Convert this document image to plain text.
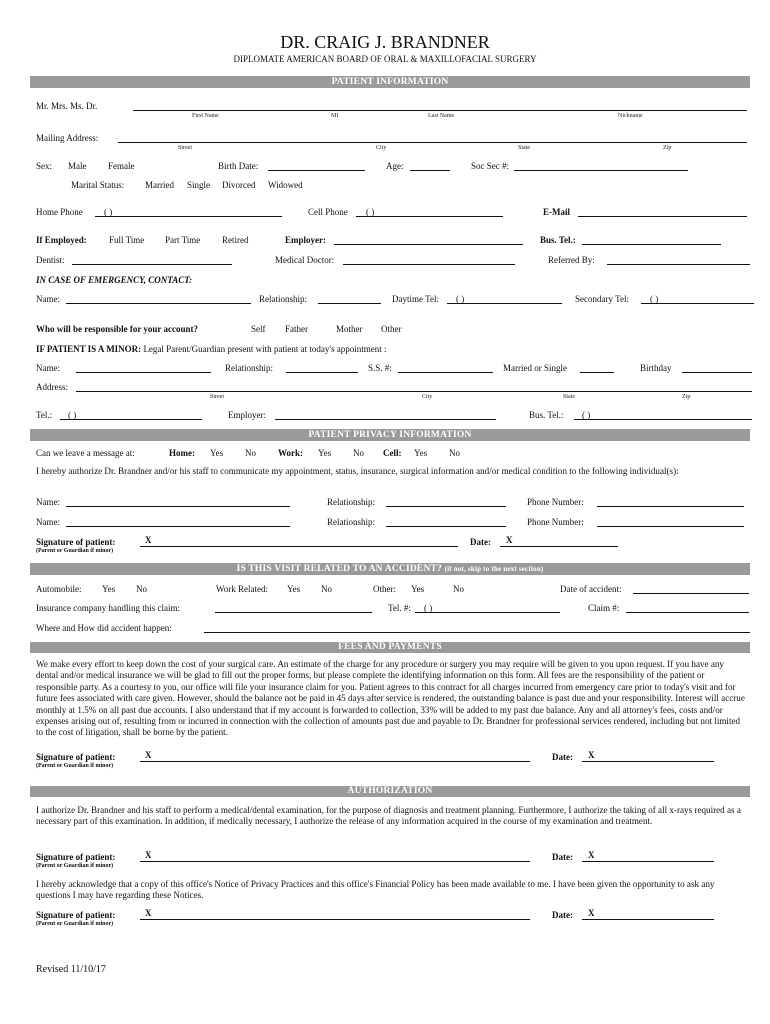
DR. CRAIG J. BRANDNER
DIPLOMATE AMERICAN BOARD OF ORAL & MAXILLOFACIAL SURGERY
PATIENT INFORMATION
Mr. Mrs. Ms. Dr.
First Name	MI	Last Name	Nickname
Mailing Address:
Street	City	State	Zip
Sex: Male Female	Birth Date:	Age:	Soc Sec #:
Marital Status: Married Single Divorced Widowed
Home Phone ( )	Cell Phone ( )	E-Mail
If Employed: Full Time Part Time Retired	Employer:	Bus. Tel.:
Dentist:	Medical Doctor:	Referred By:
IN CASE OF EMERGENCY, CONTACT:
Name:	Relationship:	Daytime Tel: ( )	Secondary Tel: ( )
Who will be responsible for your account?	Self Father	Mother Other
IF PATIENT IS A MINOR: Legal Parent/Guardian present with patient at today's appointment :
Name:	Relationship:	S.S. #:	Married or Single	Birthday
Address:
Street	City	State	Zip
Tel.: ( )	Employer:	Bus. Tel.: ( )
PATIENT PRIVACY INFORMATION
Can we leave a message at:	Home: Yes No Work: Yes No Cell: Yes No
I hereby authorize Dr. Brandner and/or his staff to communicate my appointment, status, insurance, surgical information and/or medical condition to the following individual(s):
Name:	Relationship:	Phone Number:
Name:	Relationship:	Phone Number:
Signature of patient:
(Parent or Guardian if minor)
X	Date: X
IS THIS VISIT RELATED TO AN ACCIDENT? (if not, skip to the next section)
Automobile: Yes No	Work Related: Yes No	Other: Yes	No	Date of accident:
Insurance company handling this claim:	Tel. #: ( )	Claim #:
Where and How did accident happen:
FEES AND PAYMENTS
We make every effort to keep down the cost of your surgical care. An estimate of the charge for any procedure or surgery you may require will be given to you upon request. If you have any dental and/or medical insurance we will be glad to fill out the proper forms, but please complete the identifying information on this form. All fees are the responsibility of the patient or responsible party. As a courtesy to you, our office will file your insurance claim for you. Patient agrees to this contract for all charges incurred from emergency care prior to today's visit and for future fees associated with care given. However, should the balance not be paid in 45 days after service is rendered, the outstanding balance is past due and your responsibility. Interest will accrue monthly at 1.5% on all past due accounts. I also understand that if my account is forwarded to collection, 33% will be added to my past due balance. Any and all attorney's fees, costs and/or expenses arising out of, resulting from or incurred in connection with the collection of amounts past due and payable to Dr. Brandner for professional services rendered, including but not limited to the cost of litigation, shall be borne by the patient.
Signature of patient:
(Parent or Guardian if minor)
X	Date: X
AUTHORIZATION
I authorize Dr. Brandner and his staff to perform a medical/dental examination, for the purpose of diagnosis and treatment planning. Furthermore, I authorize the taking of all x-rays required as a necessary part of this examination. In addition, if medically necessary, I authorize the release of any information acquired in the course of my examination and treatment.
Signature of patient:
(Parent or Guardian if minor)
X	Date: X
I hereby acknowledge that a copy of this office's Notice of Privacy Practices and this office's Financial Policy has been made available to me. I have been given the opportunity to ask any questions I may have regarding these Notices.
Signature of patient:
(Parent or Guardian if minor)
X	Date: X
Revised 11/10/17
